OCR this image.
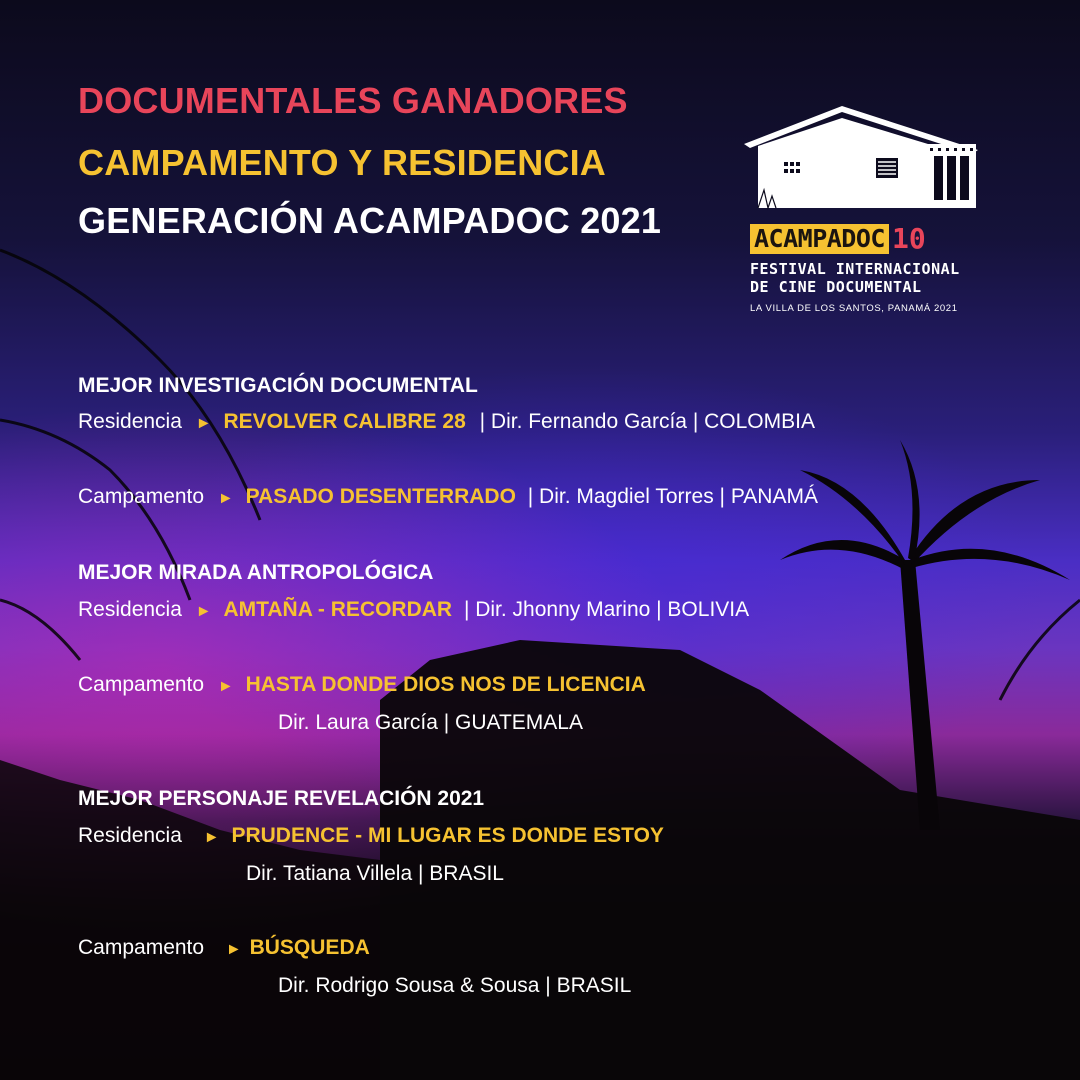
DOCUMENTALES GANADORES
CAMPAMENTO Y RESIDENCIA
GENERACIÓN ACAMPADOC 2021	ACAMPADOC 10
FESTIVAL INTERNACIONAL
DE CINE DOCUMENTAL
LA VILLA DE LOS SANTOS, PANAMÁ 2021
MEJOR INVESTIGACIÓN DOCUMENTAL
Residencia ► REVOLVER CALIBRE 28 | Dir. Fernando García | COLOMBIA
Campamento ► PASADO DESENTERRADO | Dir. Magdiel Torres | PANAMÁ
MEJOR MIRADA ANTROPOLÓGICA
Residencia ► AMTAÑA - RECORDAR | Dir. Jhonny Marino | BOLIVIA
Campamento ► HASTA DONDE DIOS NOS DE LICENCIA
Dir. Laura García | GUATEMALA
MEJOR PERSONAJE REVELACIÓN 2021
Residencia ► PRUDENCE - MI LUGAR ES DONDE ESTOY
Dir. Tatiana Villela | BRASIL
Campamento ► BÚSQUEDA
Dir. Rodrigo Sousa & Sousa | BRASIL
